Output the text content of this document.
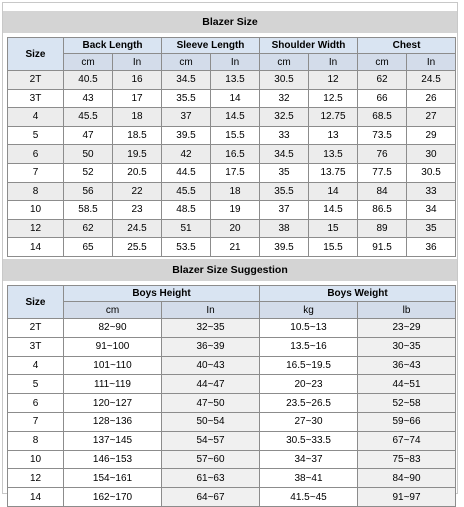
Blazer Size
Size	Back Length		Sleeve Length		Shoulder Width		Chest	
	cm	In	cm	In	cm	In	cm	In
2T	40.5	16	34.5	13.5	30.5	12	62	24.5
3T	43	17	35.5	14	32	12.5	66	26
4	45.5	18	37	14.5	32.5	12.75	68.5	27
5	47	18.5	39.5	15.5	33	13	73.5	29
6	50	19.5	42	16.5	34.5	13.5	76	30
7	52	20.5	44.5	17.5	35	13.75	77.5	30.5
8	56	22	45.5	18	35.5	14	84	33
10	58.5	23	48.5	19	37	14.5	86.5	34
12	62	24.5	51	20	38	15	89	35
14	65	25.5	53.5	21	39.5	15.5	91.5	36
Blazer Size Suggestion
Size	Boys Height		Boys Weight	
	cm	In	kg	lb
2T	82~90	32~35	10.5~13	23~29
3T	91~100	36~39	13.5~16	30~35
4	101~110	40~43	16.5~19.5	36~43
5	111~119	44~47	20~23	44~51
6	120~127	47~50	23.5~26.5	52~58
7	128~136	50~54	27~30	59~66
8	137~145	54~57	30.5~33.5	67~74
10	146~153	57~60	34~37	75~83
12	154~161	61~63	38~41	84~90
14	162~170	64~67	41.5~45	91~97
